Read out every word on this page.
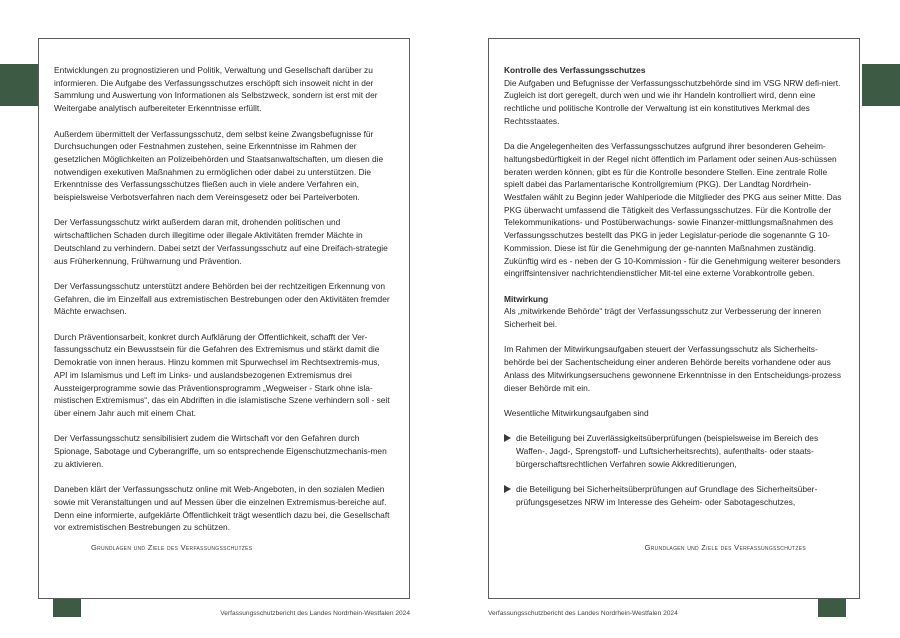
Entwicklungen zu prognostizieren und Politik, Verwaltung und Gesellschaft darüber zu informieren. Die Aufgabe des Verfassungsschutzes erschöpft sich insoweit nicht in der Sammlung und Auswertung von Informationen als Selbstzweck, sondern ist erst mit der Weitergabe analytisch aufbereiteter Erkenntnisse erfüllt.

Außerdem übermittelt der Verfassungsschutz, dem selbst keine Zwangsbefugnisse für Durchsuchungen oder Festnahmen zustehen, seine Erkenntnisse im Rahmen der gesetzlichen Möglichkeiten an Polizeibehörden und Staatsanwaltschaften, um diesen die notwendigen exekutiven Maßnahmen zu ermöglichen oder dabei zu unterstützen. Die Erkenntnisse des Verfassungsschutzes fließen auch in viele andere Verfahren ein, beispielsweise Verbotsverfahren nach dem Vereinsgesetz oder bei Parteiverboten.

Der Verfassungsschutz wirkt außerdem daran mit, drohenden politischen und wirtschaftlichen Schaden durch illegitime oder illegale Aktivitäten fremder Mächte in Deutschland zu verhindern. Dabei setzt der Verfassungsschutz auf eine Dreifach-strategie aus Früherkennung, Frühwarnung und Prävention.

Der Verfassungsschutz unterstützt andere Behörden bei der rechtzeitigen Erkennung von Gefahren, die im Einzelfall aus extremistischen Bestrebungen oder den Aktivitäten fremder Mächte erwachsen.

Durch Präventionsarbeit, konkret durch Aufklärung der Öffentlichkeit, schafft der Ver-fassungsschutz ein Bewusstsein für die Gefahren des Extremismus und stärkt damit die Demokratie von innen heraus. Hinzu kommen mit Spurwechsel im Rechtsextremis-mus, API im Islamismus und Left im Links- und auslandsbezogenen Extremismus drei Aussteigerprogramme sowie das Präventionsprogramm „Wegweiser - Stark ohne isla-mistischen Extremismus“, das ein Abdriften in die islamistische Szene verhindern soll - seit über einem Jahr auch mit einem Chat.

Der Verfassungsschutz sensibilisiert zudem die Wirtschaft vor den Gefahren durch Spionage, Sabotage und Cyberangriffe, um so entsprechende Eigenschutzmechanis-men zu aktivieren.

Daneben klärt der Verfassungsschutz online mit Web-Angeboten, in den sozialen Medien sowie mit Veranstaltungen und auf Messen über die einzelnen Extremismus-bereiche auf. Denn eine informierte, aufgeklärte Öffentlichkeit trägt wesentlich dazu bei, die Gesellschaft vor extremistischen Bestrebungen zu schützen.

Kontrolle des Verfassungsschutzes

Die Aufgaben und Befugnisse der Verfassungsschutzbehörde sind im VSG NRW defi-niert. Zugleich ist dort geregelt, durch wen und wie ihr Handeln kontrolliert wird, denn eine rechtliche und politische Kontrolle der Verwaltung ist ein konstitutives Merkmal des Rechtsstaates.

Da die Angelegenheiten des Verfassungsschutzes aufgrund ihrer besonderen Geheim-haltungsbedürftigkeit in der Regel nicht öffentlich im Parlament oder seinen Aus-schüssen beraten werden können, gibt es für die Kontrolle besondere Stellen. Eine zentrale Rolle spielt dabei das Parlamentarische Kontrollgremium (PKG). Der Landtag Nordrhein-Westfalen wählt zu Beginn jeder Wahlperiode die Mitglieder des PKG aus seiner Mitte. Das PKG überwacht umfassend die Tätigkeit des Verfassungsschutzes. Für die Kontrolle der Telekommunikations- und Postüberwachungs- sowie Finanzer-mittlungsmaßnahmen des Verfassungsschutzes bestellt das PKG in jeder Legislatur-periode die sogenannte G 10-Kommission. Diese ist für die Genehmigung der ge-nannten Maßnahmen zuständig. Zukünftig wird es - neben der G 10-Kommission - für die Genehmigung weiterer besonders eingriffsintensiver nachrichtendienstlicher Mit-tel eine externe Vorabkontrolle geben.

Mitwirkung

Als „mitwirkende Behörde“ trägt der Verfassungsschutz zur Verbesserung der inneren Sicherheit bei.

Im Rahmen der Mitwirkungsaufgaben steuert der Verfassungsschutz als Sicherheits-behörde bei der Sachentscheidung einer anderen Behörde bereits vorhandene oder aus Anlass des Mitwirkungsersuchens gewonnene Erkenntnisse in den Entscheidungs-prozess dieser Behörde mit ein.

Wesentliche Mitwirkungsaufgaben sind

die Beteiligung bei Zuverlässigkeitsüberprüfungen (beispielsweise im Bereich des Waffen-, Jagd-, Sprengstoff- und Luftsicherheitsrechts), aufenthalts- oder staats-bürgerschaftsrechtlichen Verfahren sowie Akkreditierungen,
die Beteiligung bei Sicherheitsüberprüfungen auf Grundlage des Sicherheitsüber-prüfungsgesetzes NRW im Interesse des Geheim- oder Sabotageschutzes,
16
Grundlagen und Ziele des Verfassungsschutzes
Verfassungsschutzbericht des Landes Nordrhein-Westfalen 2024
17
Grundlagen und Ziele des Verfassungsschutzes
Verfassungsschutzbericht des Landes Nordrhein-Westfalen 2024
